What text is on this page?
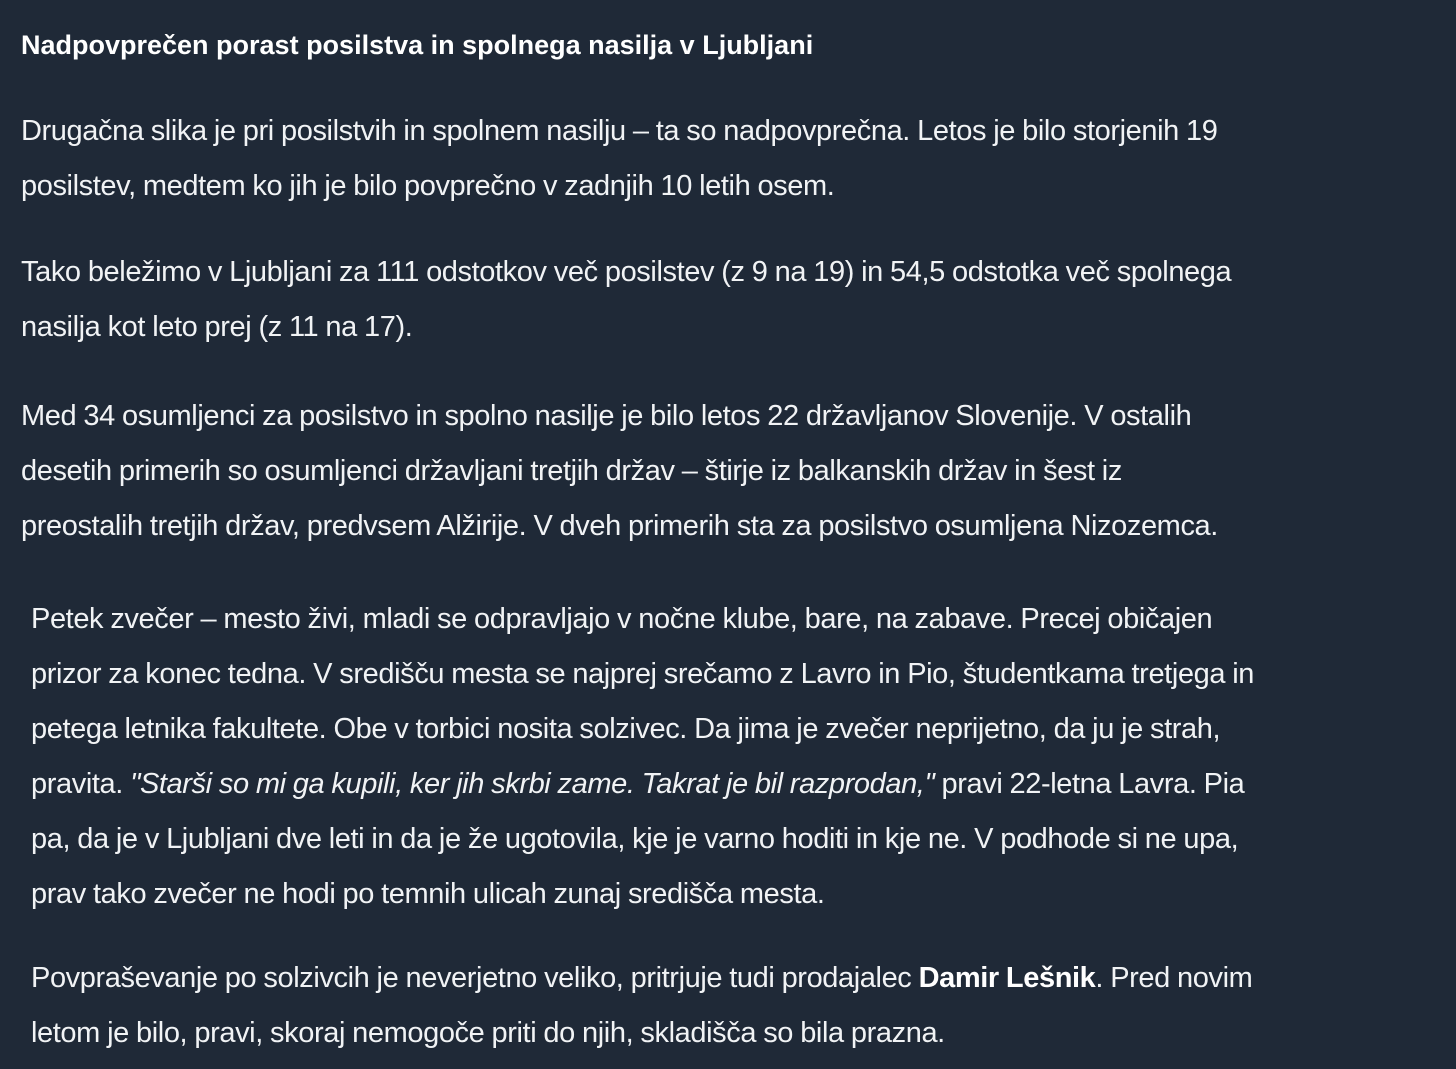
Nadpovprečen porast posilstva in spolnega nasilja v Ljubljani

Drugačna slika je pri posilstvih in spolnem nasilju – ta so nadpovprečna. Letos je bilo storjenih 19
posilstev, medtem ko jih je bilo povprečno v zadnjih 10 letih osem.

Tako beležimo v Ljubljani za 111 odstotkov več posilstev (z 9 na 19) in 54,5 odstotka več spolnega
nasilja kot leto prej (z 11 na 17).

Med 34 osumljenci za posilstvo in spolno nasilje je bilo letos 22 državljanov Slovenije. V ostalih
desetih primerih so osumljenci državljani tretjih držav – štirje iz balkanskih držav in šest iz
preostalih tretjih držav, predvsem Alžirije. V dveh primerih sta za posilstvo osumljena Nizozemca.

Petek zvečer – mesto živi, mladi se odpravljajo v nočne klube, bare, na zabave. Precej običajen
prizor za konec tedna. V središču mesta se najprej srečamo z Lavro in Pio, študentkama tretjega in
petega letnika fakultete. Obe v torbici nosita solzivec. Da jima je zvečer neprijetno, da ju je strah,
pravita. "Starši so mi ga kupili, ker jih skrbi zame. Takrat je bil razprodan," pravi 22-letna Lavra. Pia
pa, da je v Ljubljani dve leti in da je že ugotovila, kje je varno hoditi in kje ne. V podhode si ne upa,
prav tako zvečer ne hodi po temnih ulicah zunaj središča mesta.

Povpraševanje po solzivcih je neverjetno veliko, pritrjuje tudi prodajalec Damir Lešnik. Pred novim
letom je bilo, pravi, skoraj nemogoče priti do njih, skladišča so bila prazna.
